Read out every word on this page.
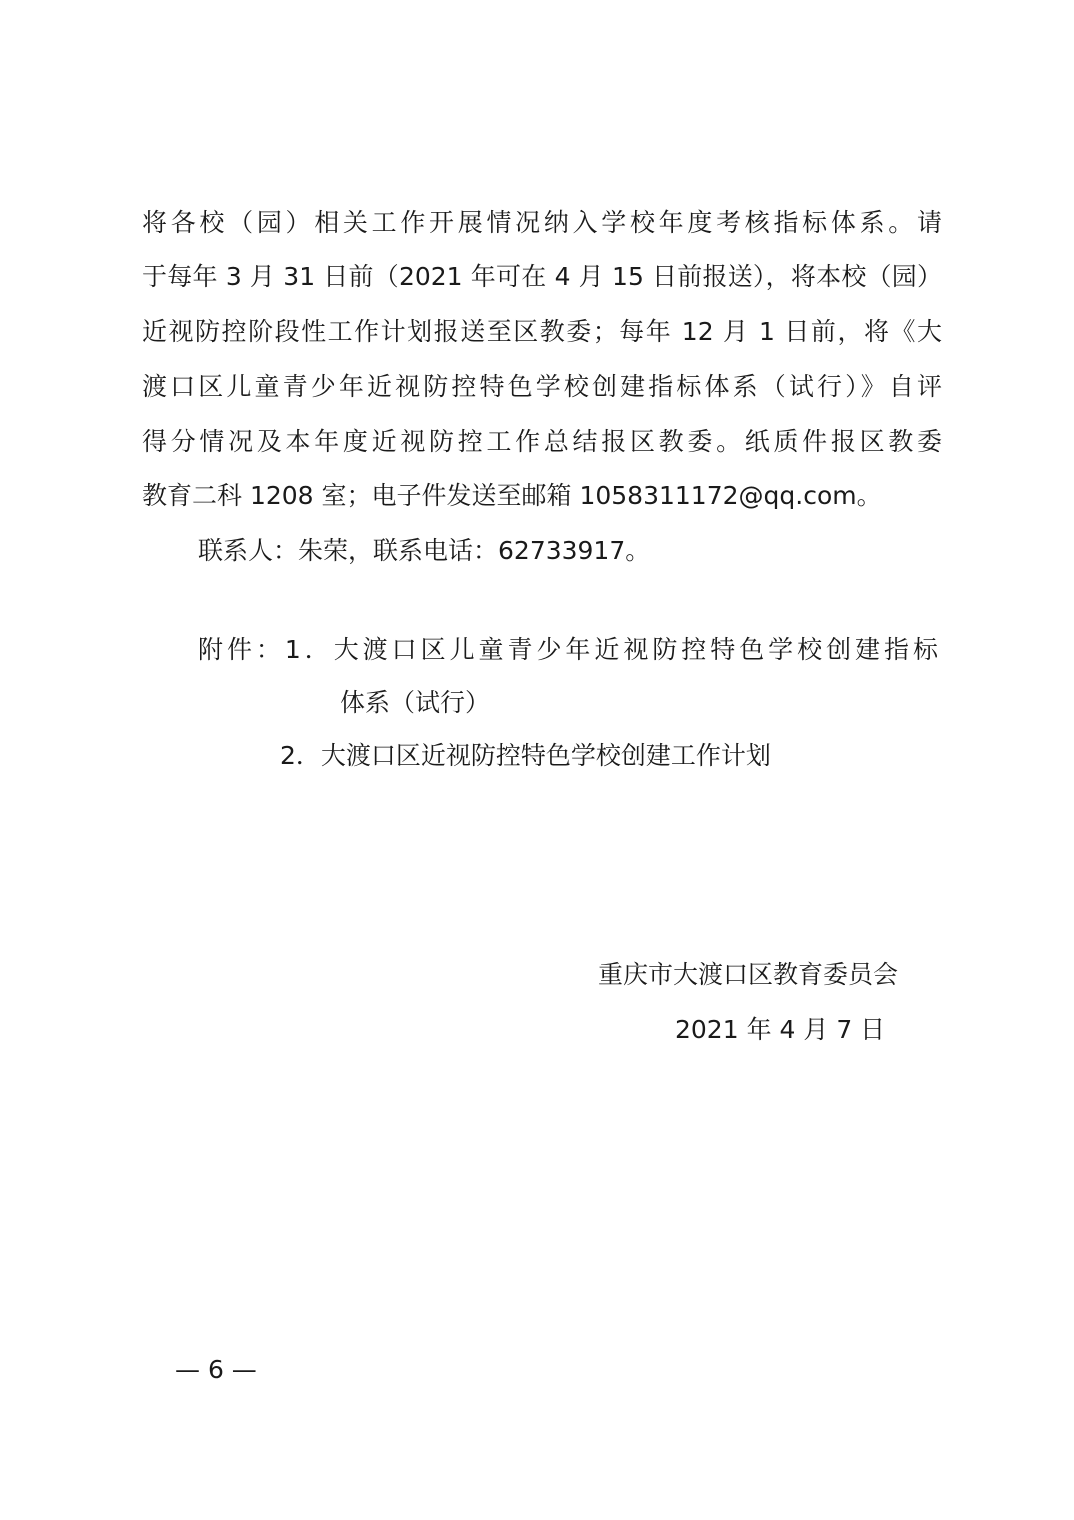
将各校（园）相关工作开展情况纳入学校年度考核指标体系。请
于每年 3 月 31 日前（2021 年可在 4 月 15 日前报送），将本校（园）
近视防控阶段性工作计划报送至区教委；每年 12 月 1 日前，将《大
渡口区儿童青少年近视防控特色学校创建指标体系（试行）》自评
得分情况及本年度近视防控工作总结报区教委。纸质件报区教委
教育二科 1208 室；电子件发送至邮箱 1058311172@qq.com。
联系人：朱荣，联系电话：62733917。
附件：1．大渡口区儿童青少年近视防控特色学校创建指标
体系（试行）
2．大渡口区近视防控特色学校创建工作计划
重庆市大渡口区教育委员会
2021 年 4 月 7 日
— 6 —
